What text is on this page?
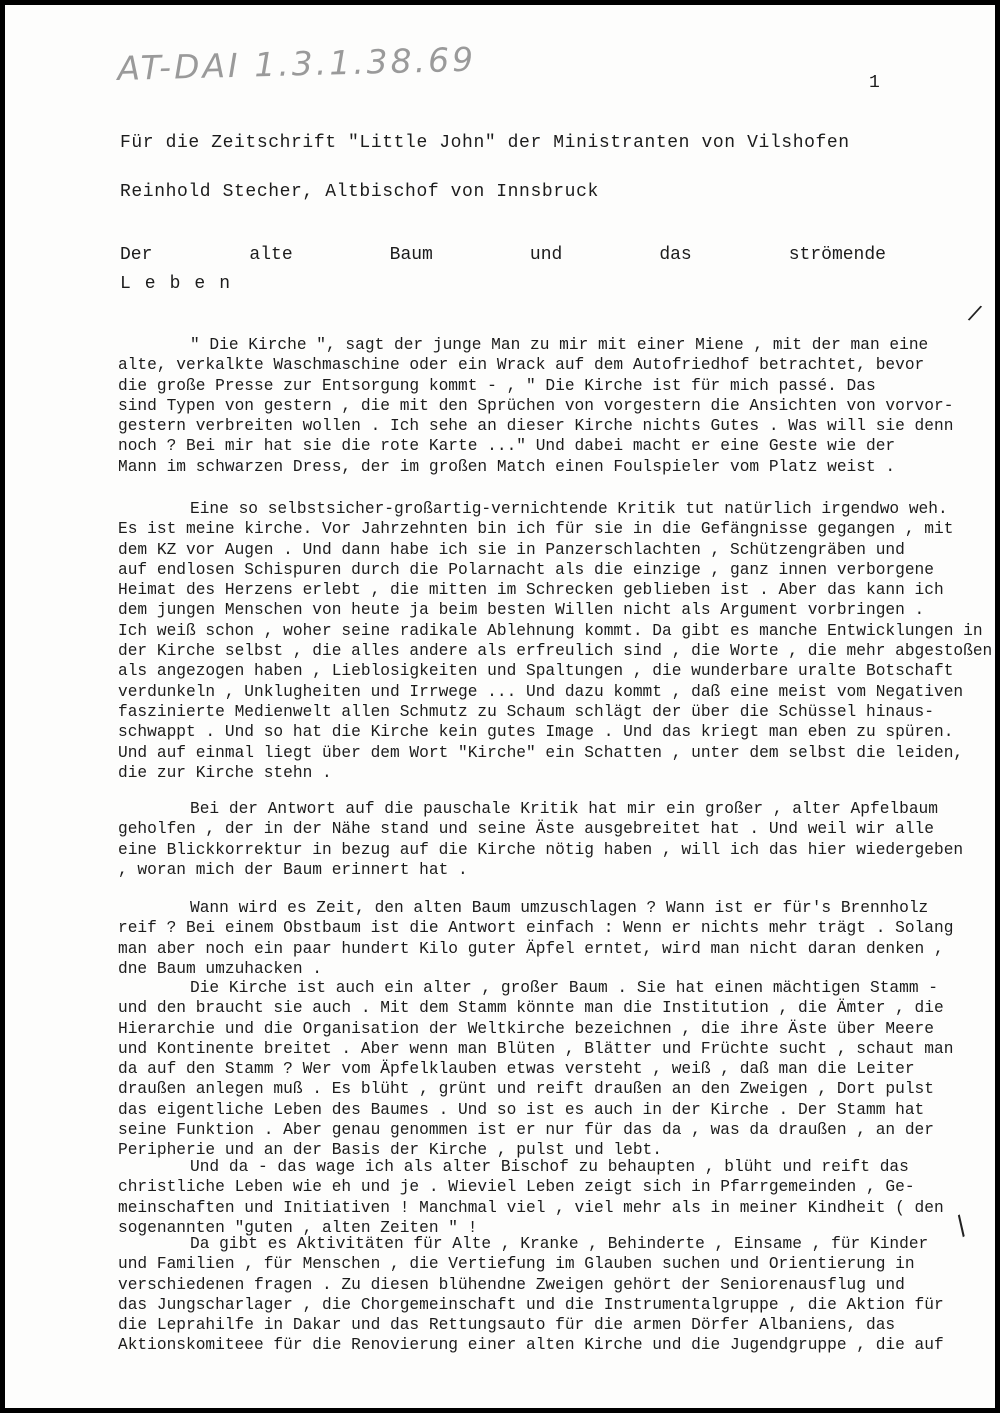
AT-DAI 1.3.1.38.69	1
Für die Zeitschrift "Little John" der Ministranten von Vilshofen
Reinhold Stecher, Altbischof von Innsbruck
Der	alte	Baum	und	das	strömende
L e b e n
" Die Kirche ", sagt der junge Man zu mir mit einer Miene , mit der man eine
alte, verkalkte Waschmaschine oder ein Wrack auf dem Autofriedhof betrachtet, bevor
die große Presse zur Entsorgung kommt - , " Die Kirche ist für mich passé. Das
sind Typen von gestern , die mit den Sprüchen von vorgestern die Ansichten von vorvor-
gestern verbreiten wollen . Ich sehe an dieser Kirche nichts Gutes . Was will sie denn
noch ? Bei mir hat sie die rote Karte ..." Und dabei macht er eine Geste wie der
Mann im schwarzen Dress, der im großen Match einen Foulspieler vom Platz weist .
Eine so selbstsicher-großartig-vernichtende Kritik tut natürlich irgendwo weh.
Es ist meine kirche. Vor Jahrzehnten bin ich für sie in die Gefängnisse gegangen , mit
dem KZ vor Augen . Und dann habe ich sie in Panzerschlachten , Schützengräben und
auf endlosen Schispuren durch die Polarnacht als die einzige , ganz innen verborgene
Heimat des Herzens erlebt , die mitten im Schrecken geblieben ist . Aber das kann ich
dem jungen Menschen von heute ja beim besten Willen nicht als Argument vorbringen .
Ich weiß schon , woher seine radikale Ablehnung kommt. Da gibt es manche Entwicklungen in
der Kirche selbst , die alles andere als erfreulich sind , die Worte , die mehr abgestoßen
als angezogen haben , Lieblosigkeiten und Spaltungen , die wunderbare uralte Botschaft
verdunkeln , Unklugheiten und Irrwege ... Und dazu kommt , daß eine meist vom Negativen
faszinierte Medienwelt allen Schmutz zu Schaum schlägt der über die Schüssel hinaus-
schwappt . Und so hat die Kirche kein gutes Image . Und das kriegt man eben zu spüren.
Und auf einmal liegt über dem Wort "Kirche" ein Schatten , unter dem selbst die leiden,
die zur Kirche stehn .
Bei der Antwort auf die pauschale Kritik hat mir ein großer , alter Apfelbaum
geholfen , der in der Nähe stand und seine Äste ausgebreitet hat . Und weil wir alle
eine Blickkorrektur in bezug auf die Kirche nötig haben , will ich das hier wiedergeben
, woran mich der Baum erinnert hat .
Wann wird es Zeit, den alten Baum umzuschlagen ? Wann ist er für's Brennholz
reif ? Bei einem Obstbaum ist die Antwort einfach : Wenn er nichts mehr trägt . Solang
man aber noch ein paar hundert Kilo guter Äpfel erntet, wird man nicht daran denken ,
dne Baum umzuhacken .
Die Kirche ist auch ein alter , großer Baum . Sie hat einen mächtigen Stamm -
und den braucht sie auch . Mit dem Stamm könnte man die Institution , die Ämter , die
Hierarchie und die Organisation der Weltkirche bezeichnen , die ihre Äste über Meere
und Kontinente breitet . Aber wenn man Blüten , Blätter und Früchte sucht , schaut man
da auf den Stamm ? Wer vom Äpfelklauben etwas versteht , weiß , daß man die Leiter
draußen anlegen muß . Es blüht , grünt und reift draußen an den Zweigen , Dort pulst
das eigentliche Leben des Baumes . Und so ist es auch in der Kirche . Der Stamm hat
seine Funktion . Aber genau genommen ist er nur für das da , was da draußen , an der
Peripherie und an der Basis der Kirche , pulst und lebt.
Und da - das wage ich als alter Bischof zu behaupten , blüht und reift das
christliche Leben wie eh und je . Wieviel Leben zeigt sich in Pfarrgemeinden , Ge-
meinschaften und Initiativen ! Manchmal viel , viel mehr als in meiner Kindheit ( den
sogenannten "guten , alten Zeiten " !
Da gibt es Aktivitäten für Alte , Kranke , Behinderte , Einsame , für Kinder
und Familien , für Menschen , die Vertiefung im Glauben suchen und Orientierung in
verschiedenen fragen . Zu diesen blühendne Zweigen gehört der Seniorenausflug und
das Jungscharlager , die Chorgemeinschaft und die Instrumentalgruppe , die Aktion für
die Leprahilfe in Dakar und das Rettungsauto für die armen Dörfer Albaniens, das
Aktionskomiteee für die Renovierung einer alten Kirche und die Jugendgruppe , die auf
/
/
